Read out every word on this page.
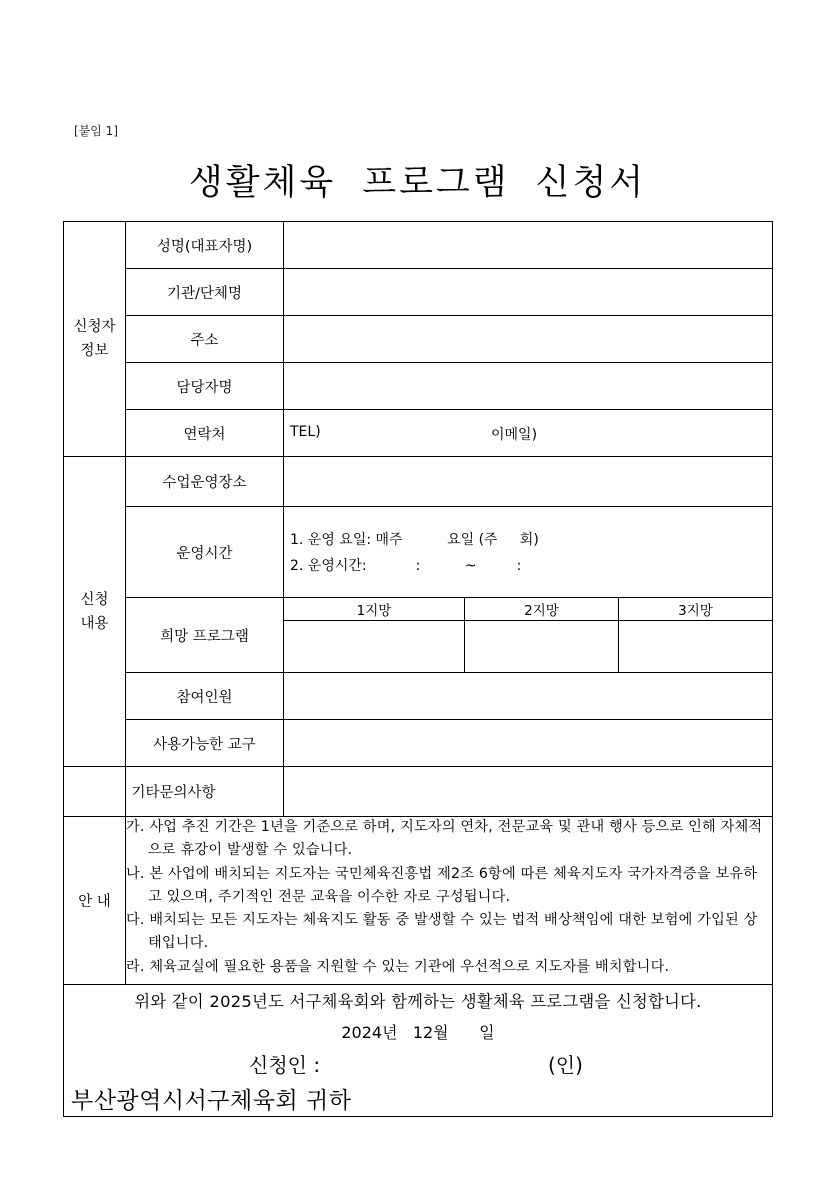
[붙임 1]
생활체육 프로그램 신청서
신청자
정보
성명(대표자명)
기관/단체명
주소
담당자명
연락처	TEL)	이메일)
신청
내용
수업운영장소
운영시간
1. 운영 요일: 매주          요일 (주     회)
2. 운영시간:           :          ~         :
희망 프로그램
1지망	2지망	3지망
참여인원
사용가능한 교구
기타문의사항
안 내

가. 사업 추진 기간은 1년을 기준으로 하며, 지도자의 연차, 전문교육 및 관내 행사 등으로 인해 자체적으로 휴강이 발생할 수 있습니다.

나. 본 사업에 배치되는 지도자는 국민체육진흥법 제2조 6항에 따른 체육지도자 국가자격증을 보유하고 있으며, 주기적인 전문 교육을 이수한 자로 구성됩니다.

다. 배치되는 모든 지도자는 체육지도 활동 중 발생할 수 있는 법적 배상책임에 대한 보험에 가입된 상태입니다.

라. 체육교실에 필요한 용품을 지원할 수 있는 기관에 우선적으로 지도자를 배치합니다.

위와 같이 2025년도 서구체육회와 함께하는 생활체육 프로그램을 신청합니다.
2024년   12월      일
신청인 :	(인)
부산광역시서구체육회 귀하
